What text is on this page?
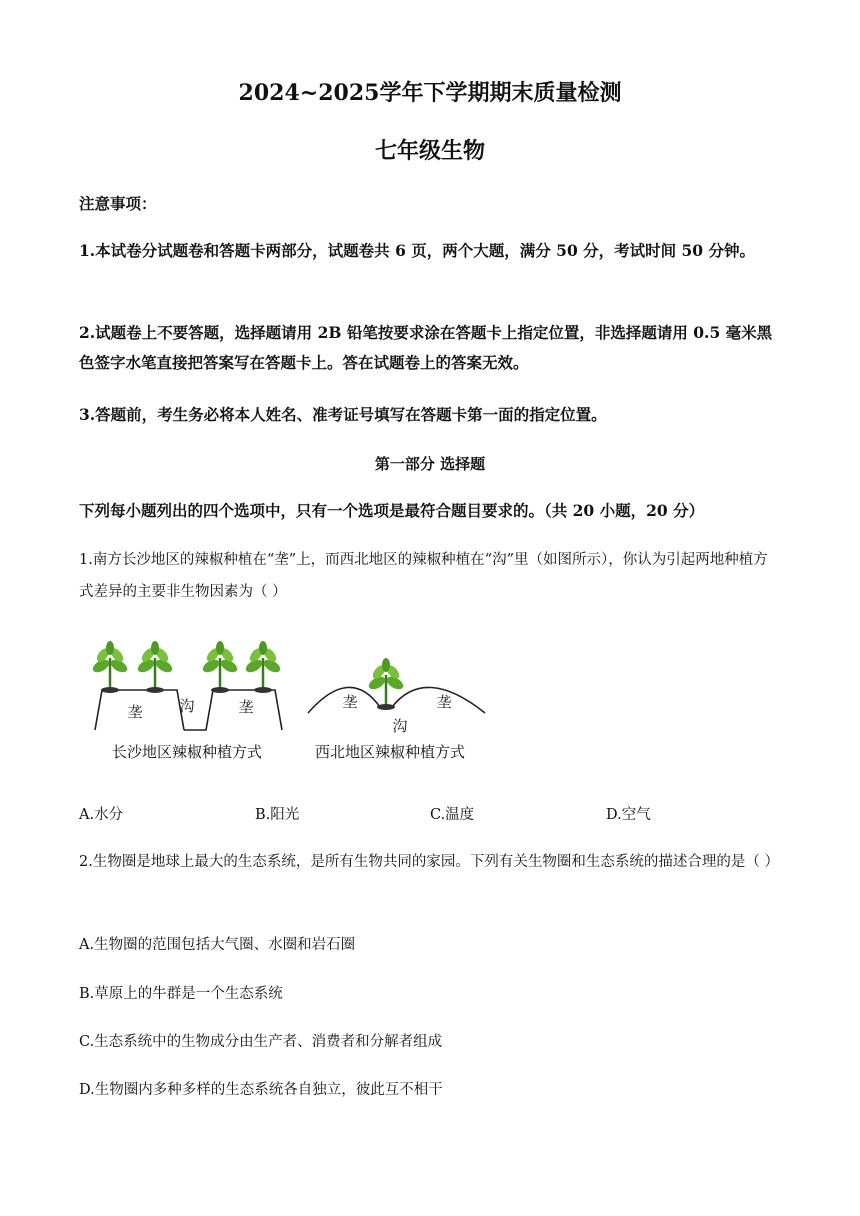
2024~2025学年下学期期末质量检测
七年级生物
注意事项：
1.本试卷分试题卷和答题卡两部分，试题卷共 6 页，两个大题，满分 50 分，考试时间 50 分钟。
2.试题卷上不要答题，选择题请用 2B 铅笔按要求涂在答题卡上指定位置，非选择题请用 0.5 毫米黑色签字水笔直接把答案写在答题卡上。答在试题卷上的答案无效。
3.答题前，考生务必将本人姓名、准考证号填写在答题卡第一面的指定位置。
第一部分 选择题
下列每小题列出的四个选项中，只有一个选项是最符合题目要求的。（共 20 小题，20 分）
1.南方长沙地区的辣椒种植在“垄”上，而西北地区的辣椒种植在“沟”里（如图所示），你认为引起两地种植方式差异的主要非生物因素为（ ）
垄 沟	垄	垄	垄
沟
长沙地区辣椒种植方式	西北地区辣椒种植方式
A.水分	B.阳光	C.温度	D.空气
2.生物圈是地球上最大的生态系统，是所有生物共同的家园。下列有关生物圈和生态系统的描述合理的是（ ）
A.生物圈的范围包括大气圈、水圈和岩石圈
B.草原上的牛群是一个生态系统
C.生态系统中的生物成分由生产者、消费者和分解者组成
D.生物圈内多种多样的生态系统各自独立，彼此互不相干
